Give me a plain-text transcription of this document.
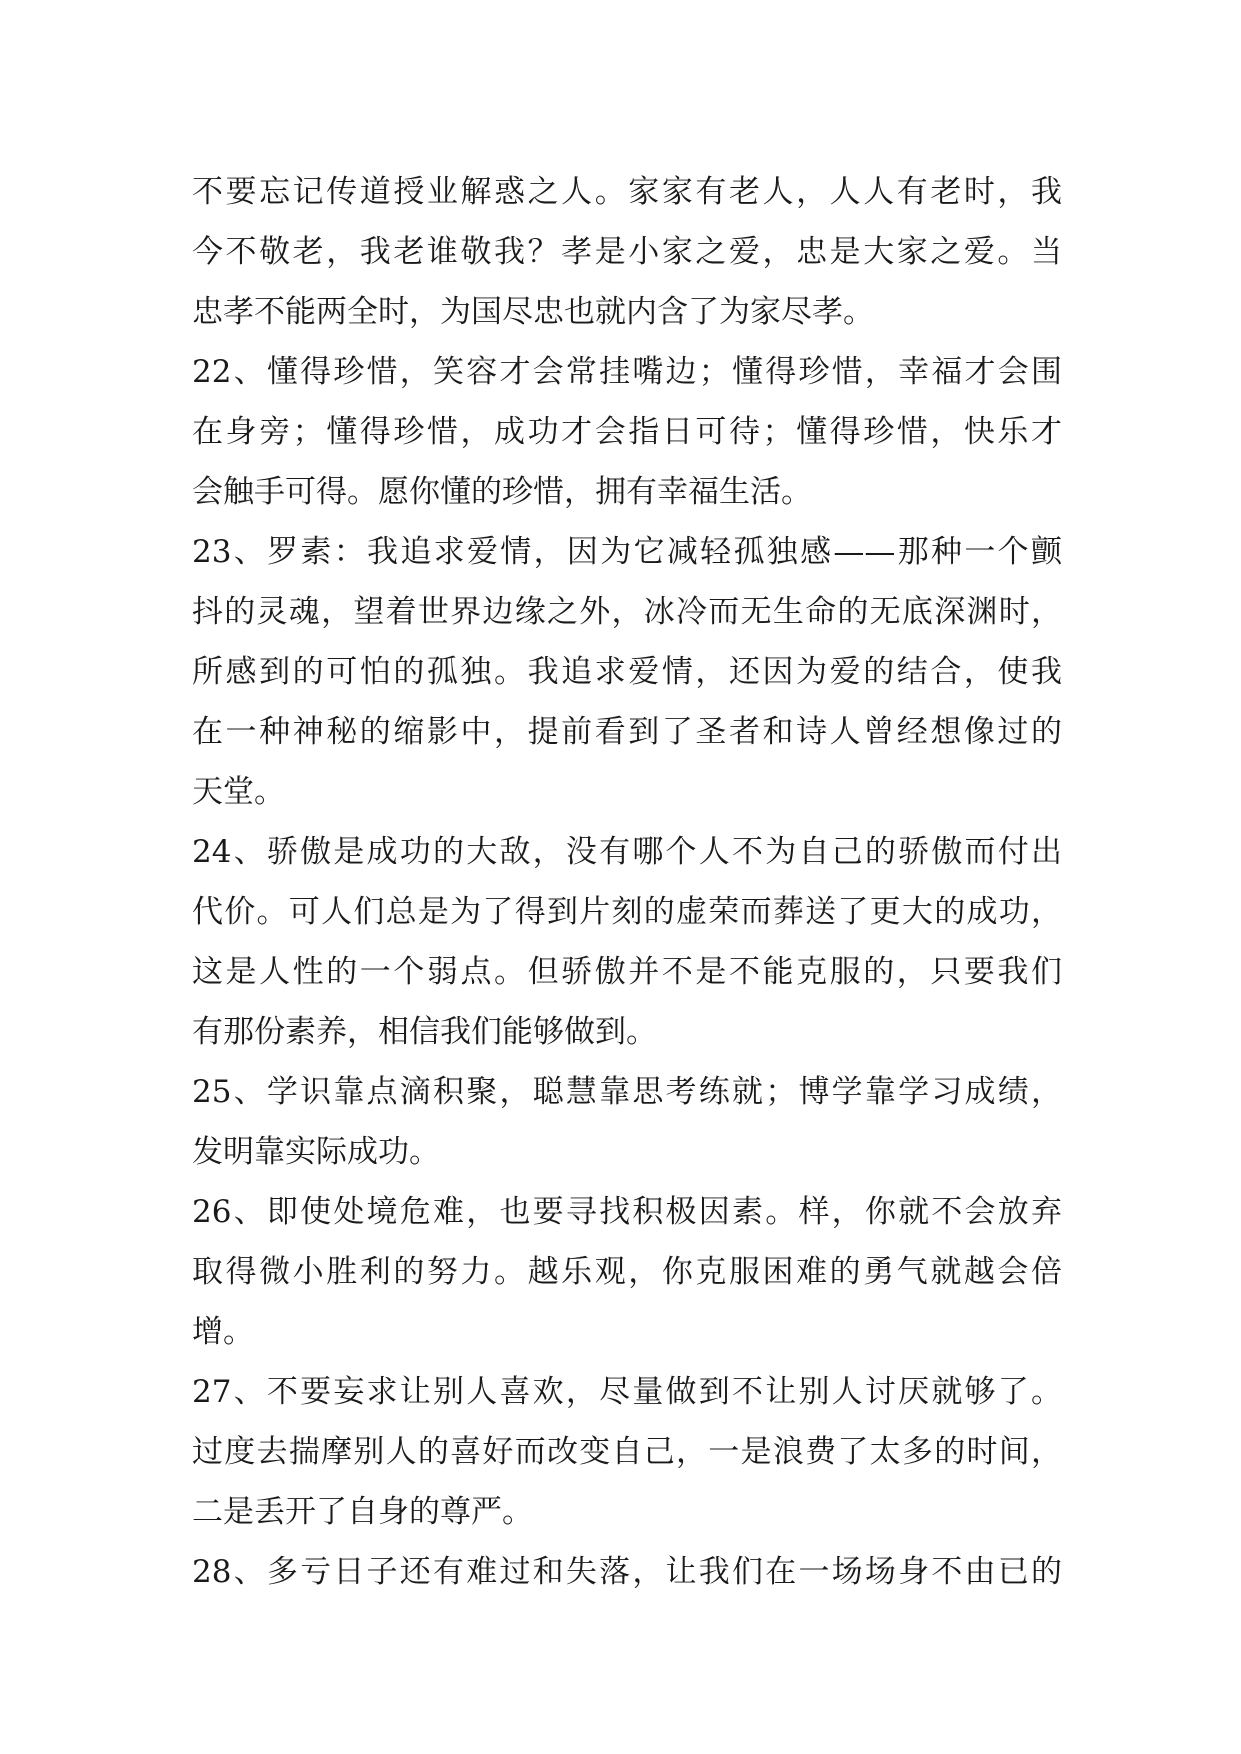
不要忘记传道授业解惑之人。家家有老人，人人有老时，我
今不敬老，我老谁敬我？孝是小家之爱，忠是大家之爱。当
忠孝不能两全时，为国尽忠也就内含了为家尽孝。
22、懂得珍惜，笑容才会常挂嘴边；懂得珍惜，幸福才会围
在身旁；懂得珍惜，成功才会指日可待；懂得珍惜，快乐才
会触手可得。愿你懂的珍惜，拥有幸福生活。
23、罗素：我追求爱情，因为它减轻孤独感——那种一个颤
抖的灵魂，望着世界边缘之外，冰冷而无生命的无底深渊时，
所感到的可怕的孤独。我追求爱情，还因为爱的结合，使我
在一种神秘的缩影中，提前看到了圣者和诗人曾经想像过的
天堂。
24、骄傲是成功的大敌，没有哪个人不为自己的骄傲而付出
代价。可人们总是为了得到片刻的虚荣而葬送了更大的成功，
这是人性的一个弱点。但骄傲并不是不能克服的，只要我们
有那份素养，相信我们能够做到。
25、学识靠点滴积聚，聪慧靠思考练就；博学靠学习成绩，
发明靠实际成功。
26、即使处境危难，也要寻找积极因素。样，你就不会放弃
取得微小胜利的努力。越乐观，你克服困难的勇气就越会倍
增。
27、不要妄求让别人喜欢，尽量做到不让别人讨厌就够了。
过度去揣摩别人的喜好而改变自己，一是浪费了太多的时间，
二是丢开了自身的尊严。
28、多亏日子还有难过和失落，让我们在一场场身不由已的
